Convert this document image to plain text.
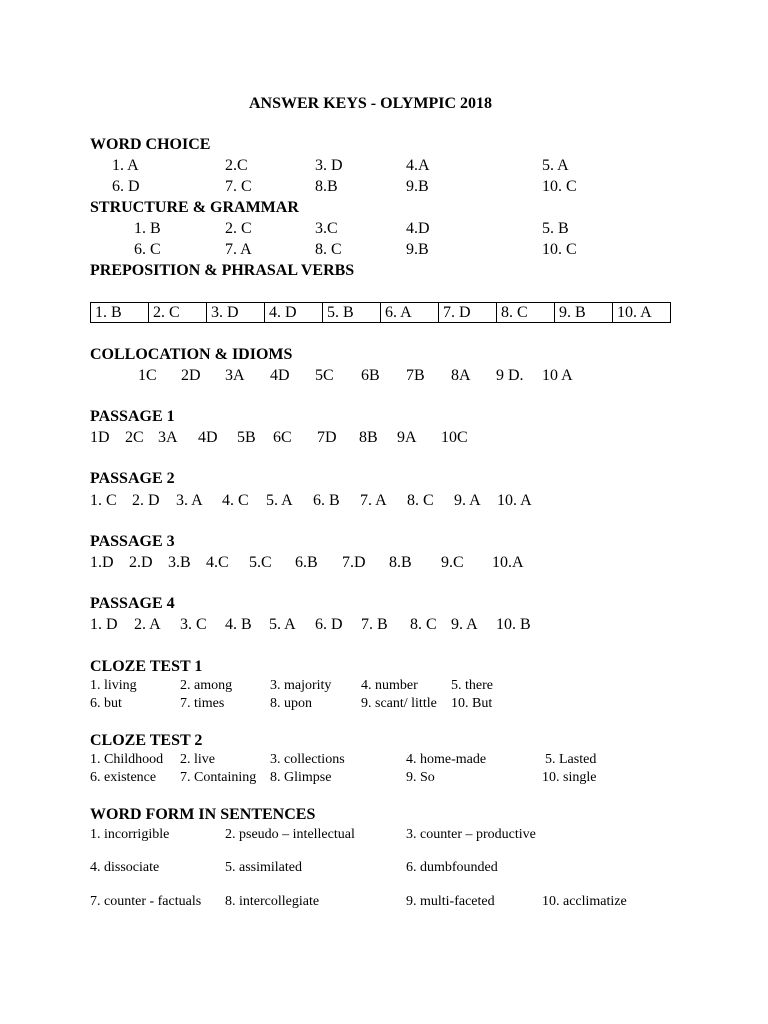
ANSWER KEYS - OLYMPIC 2018
WORD CHOICE
1. A	2.C	3. D	4.A	5. A
6. D	7. C	8.B	9.B	10. C
STRUCTURE & GRAMMAR
1. B	2. C	3.C	4.D	5. B
6. C	7. A	8. C	9.B	10. C
PREPOSITION & PHRASAL VERBS
1. B	2. C	3. D	4. D	5. B	6. A	7. D	8. C	9. B	10. A
COLLOCATION & IDIOMS
1C 2D 3A 4D 5C 6B 7B 8A 9 D. 10 A
PASSAGE 1
1D 2C 3A 4D 5B 6C 7D 8B 9A 10C
PASSAGE 2
1. C 2. D 3. A 4. C 5. A 6. B 7. A 8. C 9. A 10. A
PASSAGE 3
1.D 2.D 3.B 4.C 5.C 6.B 7.D 8.B 9.C 10.A
PASSAGE 4
1. D 2. A 3. C 4. B 5. A 6. D 7. B 8. C 9. A 10. B
CLOZE TEST 1
1. living	2. among	3. majority 4. number 5. there
6. but	7. times	8. upon	9. scant/ little 10. But
CLOZE TEST 2
1. Childhood 2. live	3. collections	4. home-made	5. Lasted
6. existence 7. Containing 8. Glimpse	9. So	10. single
WORD FORM IN SENTENCES
1. incorrigible	2. pseudo – intellectual	3. counter – productive
4. dissociate	5. assimilated	6. dumbfounded
7. counter - factuals 8. intercollegiate	9. multi-faceted	10. acclimatize
